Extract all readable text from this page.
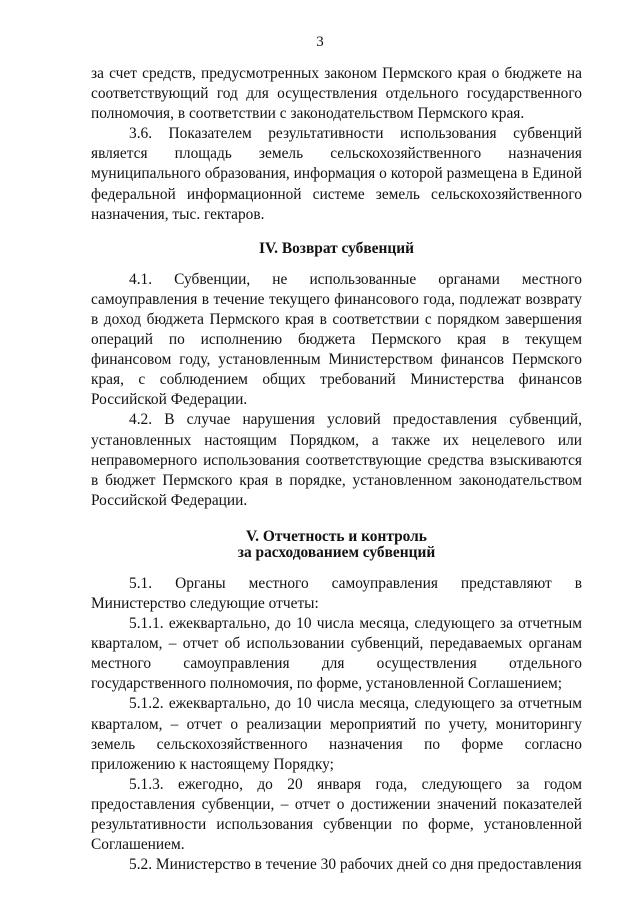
3

за счет средств, предусмотренных законом Пермского края о бюджете на соответствующий год для осуществления отдельного государственного полномочия, в соответствии с законодательством Пермского края.

3.6. Показателем результативности использования субвенций является площадь земель сельскохозяйственного назначения муниципального образования, информация о которой размещена в Единой федеральной информационной системе земель сельскохозяйственного назначения, тыс. гектаров.

IV. Возврат субвенций

4.1. Субвенции, не использованные органами местного самоуправления в течение текущего финансового года, подлежат возврату в доход бюджета Пермского края в соответствии с порядком завершения операций по исполнению бюджета Пермского края в текущем финансовом году, установленным Министерством финансов Пермского края, с соблюдением общих требований Министерства финансов Российской Федерации.

4.2. В случае нарушения условий предоставления субвенций, установленных настоящим Порядком, а также их нецелевого или неправомерного использования соответствующие средства взыскиваются в бюджет Пермского края в порядке, установленном законодательством Российской Федерации.

V. Отчетность и контроль
за расходованием субвенций

5.1. Органы местного самоуправления представляют в Министерство следующие отчеты:

5.1.1. ежеквартально, до 10 числа месяца, следующего за отчетным кварталом, – отчет об использовании субвенций, передаваемых органам местного самоуправления для осуществления отдельного государственного полномочия, по форме, установленной Соглашением;

5.1.2. ежеквартально, до 10 числа месяца, следующего за отчетным кварталом, – отчет о реализации мероприятий по учету, мониторингу земель сельскохозяйственного назначения по форме согласно приложению к настоящему Порядку;

5.1.3. ежегодно, до 20 января года, следующего за годом предоставления субвенции, – отчет о достижении значений показателей результативности использования субвенции по форме, установленной Соглашением.

5.2. Министерство в течение 30 рабочих дней со дня предоставления
